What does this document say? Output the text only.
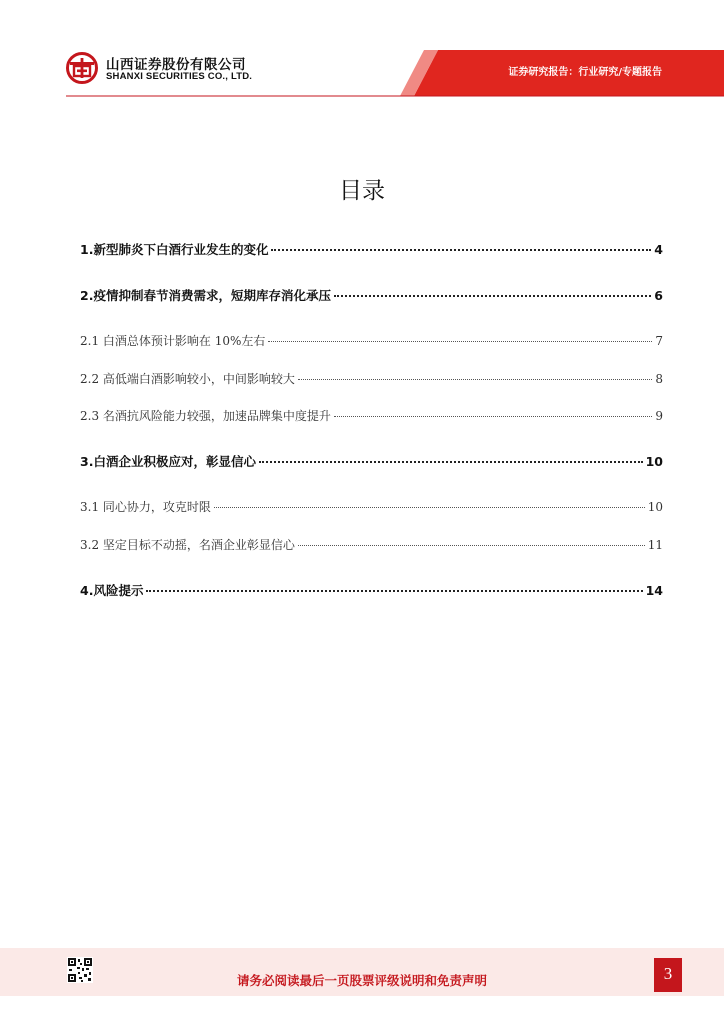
山西证券股份有限公司
SHANXI SECURITIES CO., LTD.	证券研究报告：行业研究/专题报告
目录
1.新型肺炎下白酒行业发生的变化	4
2.疫情抑制春节消费需求，短期库存消化承压	6
2.1 白酒总体预计影响在 10%左右	7
2.2 高低端白酒影响较小，中间影响较大	8
2.3 名酒抗风险能力较强，加速品牌集中度提升	9
3.白酒企业积极应对，彰显信心	10
3.1 同心协力，攻克时限	10
3.2 坚定目标不动摇，名酒企业彰显信心	11
4.风险提示	14
请务必阅读最后一页股票评级说明和免责声明	3
